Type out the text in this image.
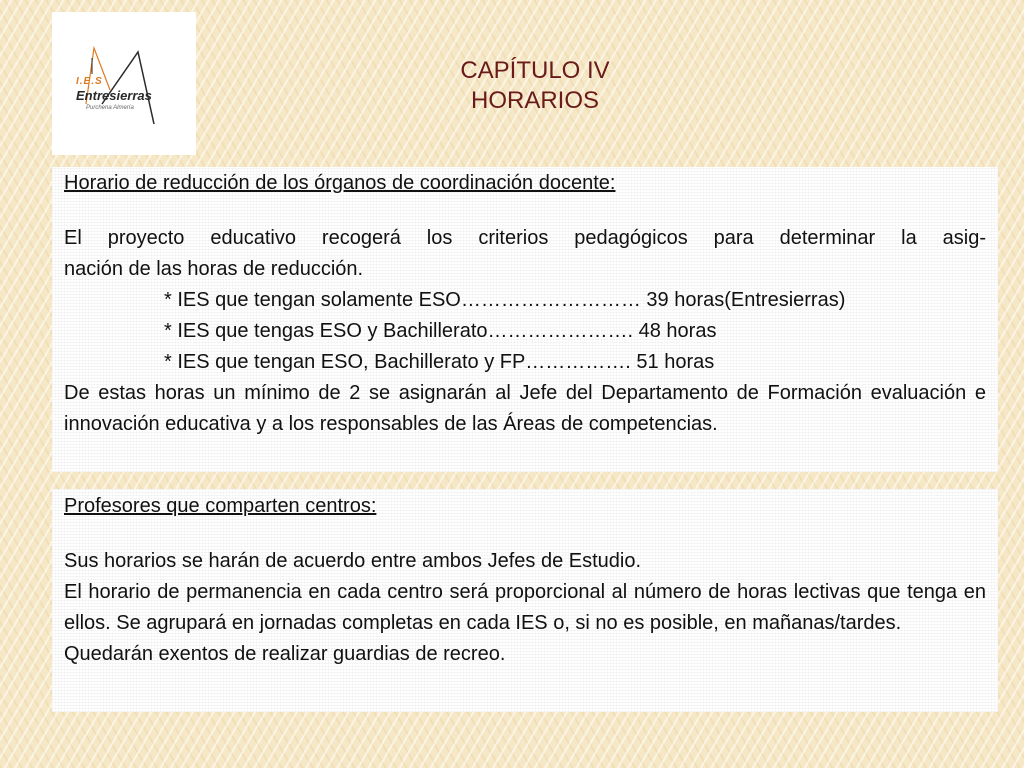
I.E.S
Entresierras
Purchena Almería
CAPÍTULO IV
HORARIOS

Horario de reducción de los órganos de coordinación docente:

El proyecto educativo recogerá los criterios pedagógicos para determinar la asig-

nación de las horas de reducción.

* IES que tengan solamente ESO……………………… 39 horas(Entresierras)

* IES que tengas ESO y Bachillerato…………………. 48 horas

* IES que tengan ESO, Bachillerato y FP……………. 51 horas

De estas horas un mínimo de 2 se asignarán al Jefe del Departamento de Formación evaluación e innovación educativa y a los responsables de las Áreas de competencias.

Profesores que comparten centros:

Sus horarios se harán de acuerdo entre ambos Jefes de Estudio.

El horario de permanencia en cada centro será proporcional al número de horas lectivas que tenga en ellos. Se agrupará en jornadas completas en cada IES o, si no es posible, en mañanas/tardes.

Quedarán exentos de realizar guardias de recreo.
